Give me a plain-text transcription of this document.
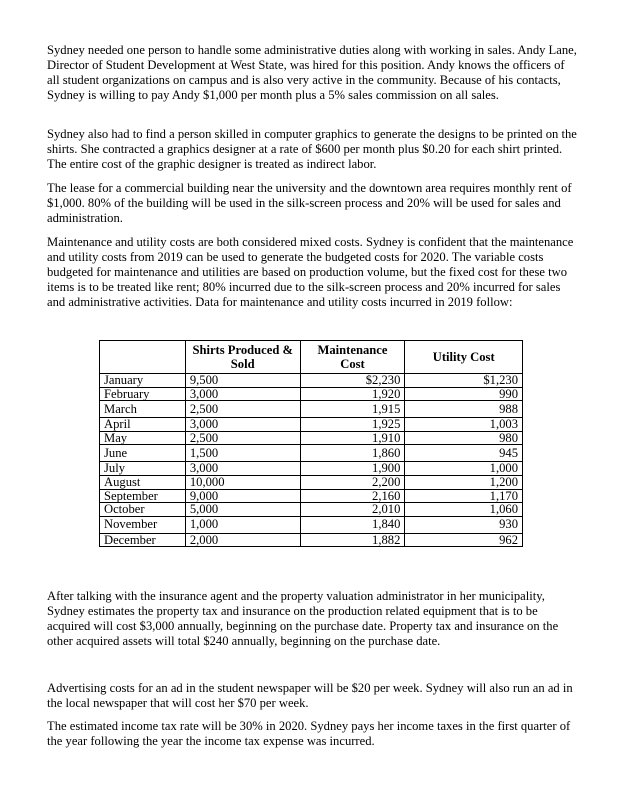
Sydney needed one person to handle some administrative duties along with working in sales. Andy Lane, Director of Student Development at West State, was hired for this position. Andy knows the officers of all student organizations on campus and is also very active in the community. Because of his contacts, Sydney is willing to pay Andy $1,000 per month plus a 5% sales commission on all sales.

Sydney also had to find a person skilled in computer graphics to generate the designs to be printed on the shirts. She contracted a graphics designer at a rate of $600 per month plus $0.20 for each shirt printed. The entire cost of the graphic designer is treated as indirect labor.

The lease for a commercial building near the university and the downtown area requires monthly rent of $1,000. 80% of the building will be used in the silk-screen process and 20% will be used for sales and administration.

Maintenance and utility costs are both considered mixed costs. Sydney is confident that the maintenance and utility costs from 2019 can be used to generate the budgeted costs for 2020. The variable costs budgeted for maintenance and utilities are based on production volume, but the fixed cost for these two items is to be treated like rent; 80% incurred due to the silk-screen process and 20% incurred for sales and administrative activities. Data for maintenance and utility costs incurred in 2019 follow:

	Shirts Produced & Sold	Maintenance Cost	Utility Cost
January	9,500	$2,230	$1,230
February	3,000	1,920	990
March	2,500	1,915	988
April	3,000	1,925	1,003
May	2,500	1,910	980
June	1,500	1,860	945
July	3,000	1,900	1,000
August	10,000	2,200	1,200
September	9,000	2,160	1,170
October	5,000	2,010	1,060
November	1,000	1,840	930
December	2,000	1,882	962

After talking with the insurance agent and the property valuation administrator in her municipality, Sydney estimates the property tax and insurance on the production related equipment that is to be acquired will cost $3,000 annually, beginning on the purchase date. Property tax and insurance on the other acquired assets will total $240 annually, beginning on the purchase date.

Advertising costs for an ad in the student newspaper will be $20 per week. Sydney will also run an ad in the local newspaper that will cost her $70 per week.

The estimated income tax rate will be 30% in 2020. Sydney pays her income taxes in the first quarter of the year following the year the income tax expense was incurred.
